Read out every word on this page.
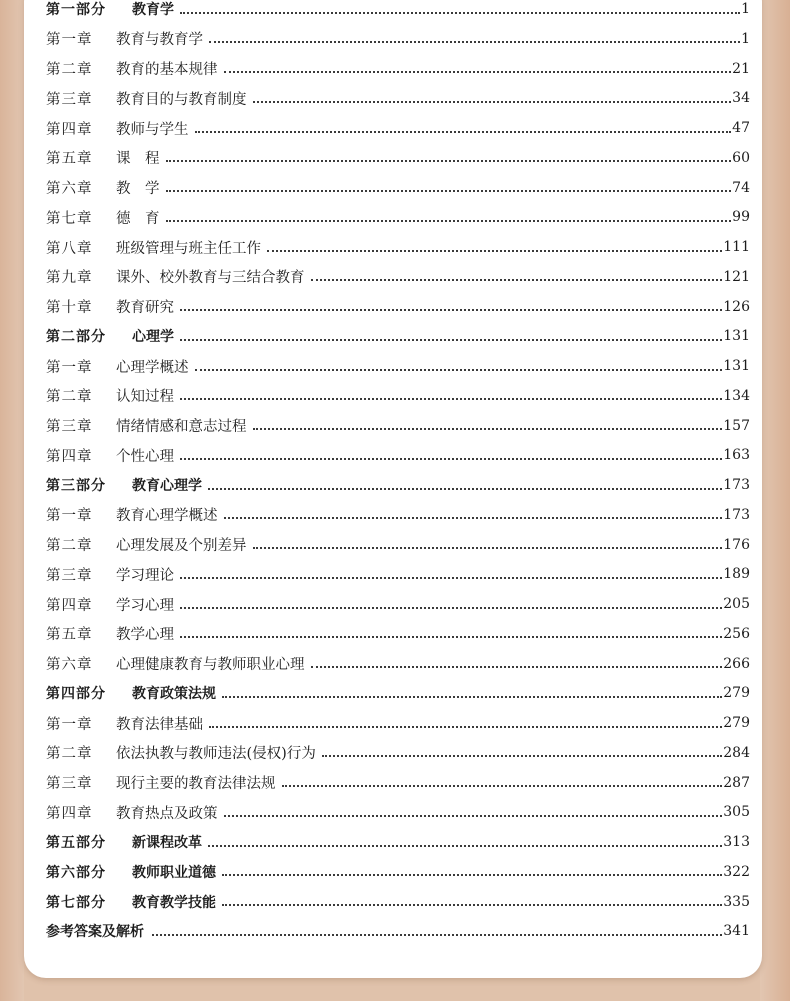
第一部分	教育学	1
第一章	教育与教育学	1
第二章	教育的基本规律	21
第三章	教育目的与教育制度	34
第四章	教师与学生	47
第五章	课　程	60
第六章	教　学	74
第七章	德　育	99
第八章	班级管理与班主任工作	111
第九章	课外、校外教育与三结合教育	121
第十章	教育研究	126
第二部分	心理学	131
第一章	心理学概述	131
第二章	认知过程	134
第三章	情绪情感和意志过程	157
第四章	个性心理	163
第三部分	教育心理学	173
第一章	教育心理学概述	173
第二章	心理发展及个别差异	176
第三章	学习理论	189
第四章	学习心理	205
第五章	教学心理	256
第六章	心理健康教育与教师职业心理	266
第四部分	教育政策法规	279
第一章	教育法律基础	279
第二章	依法执教与教师违法(侵权)行为	284
第三章	现行主要的教育法律法规	287
第四章	教育热点及政策	305
第五部分	新课程改革	313
第六部分	教师职业道德	322
第七部分	教育教学技能	335
参考答案及解析	341
